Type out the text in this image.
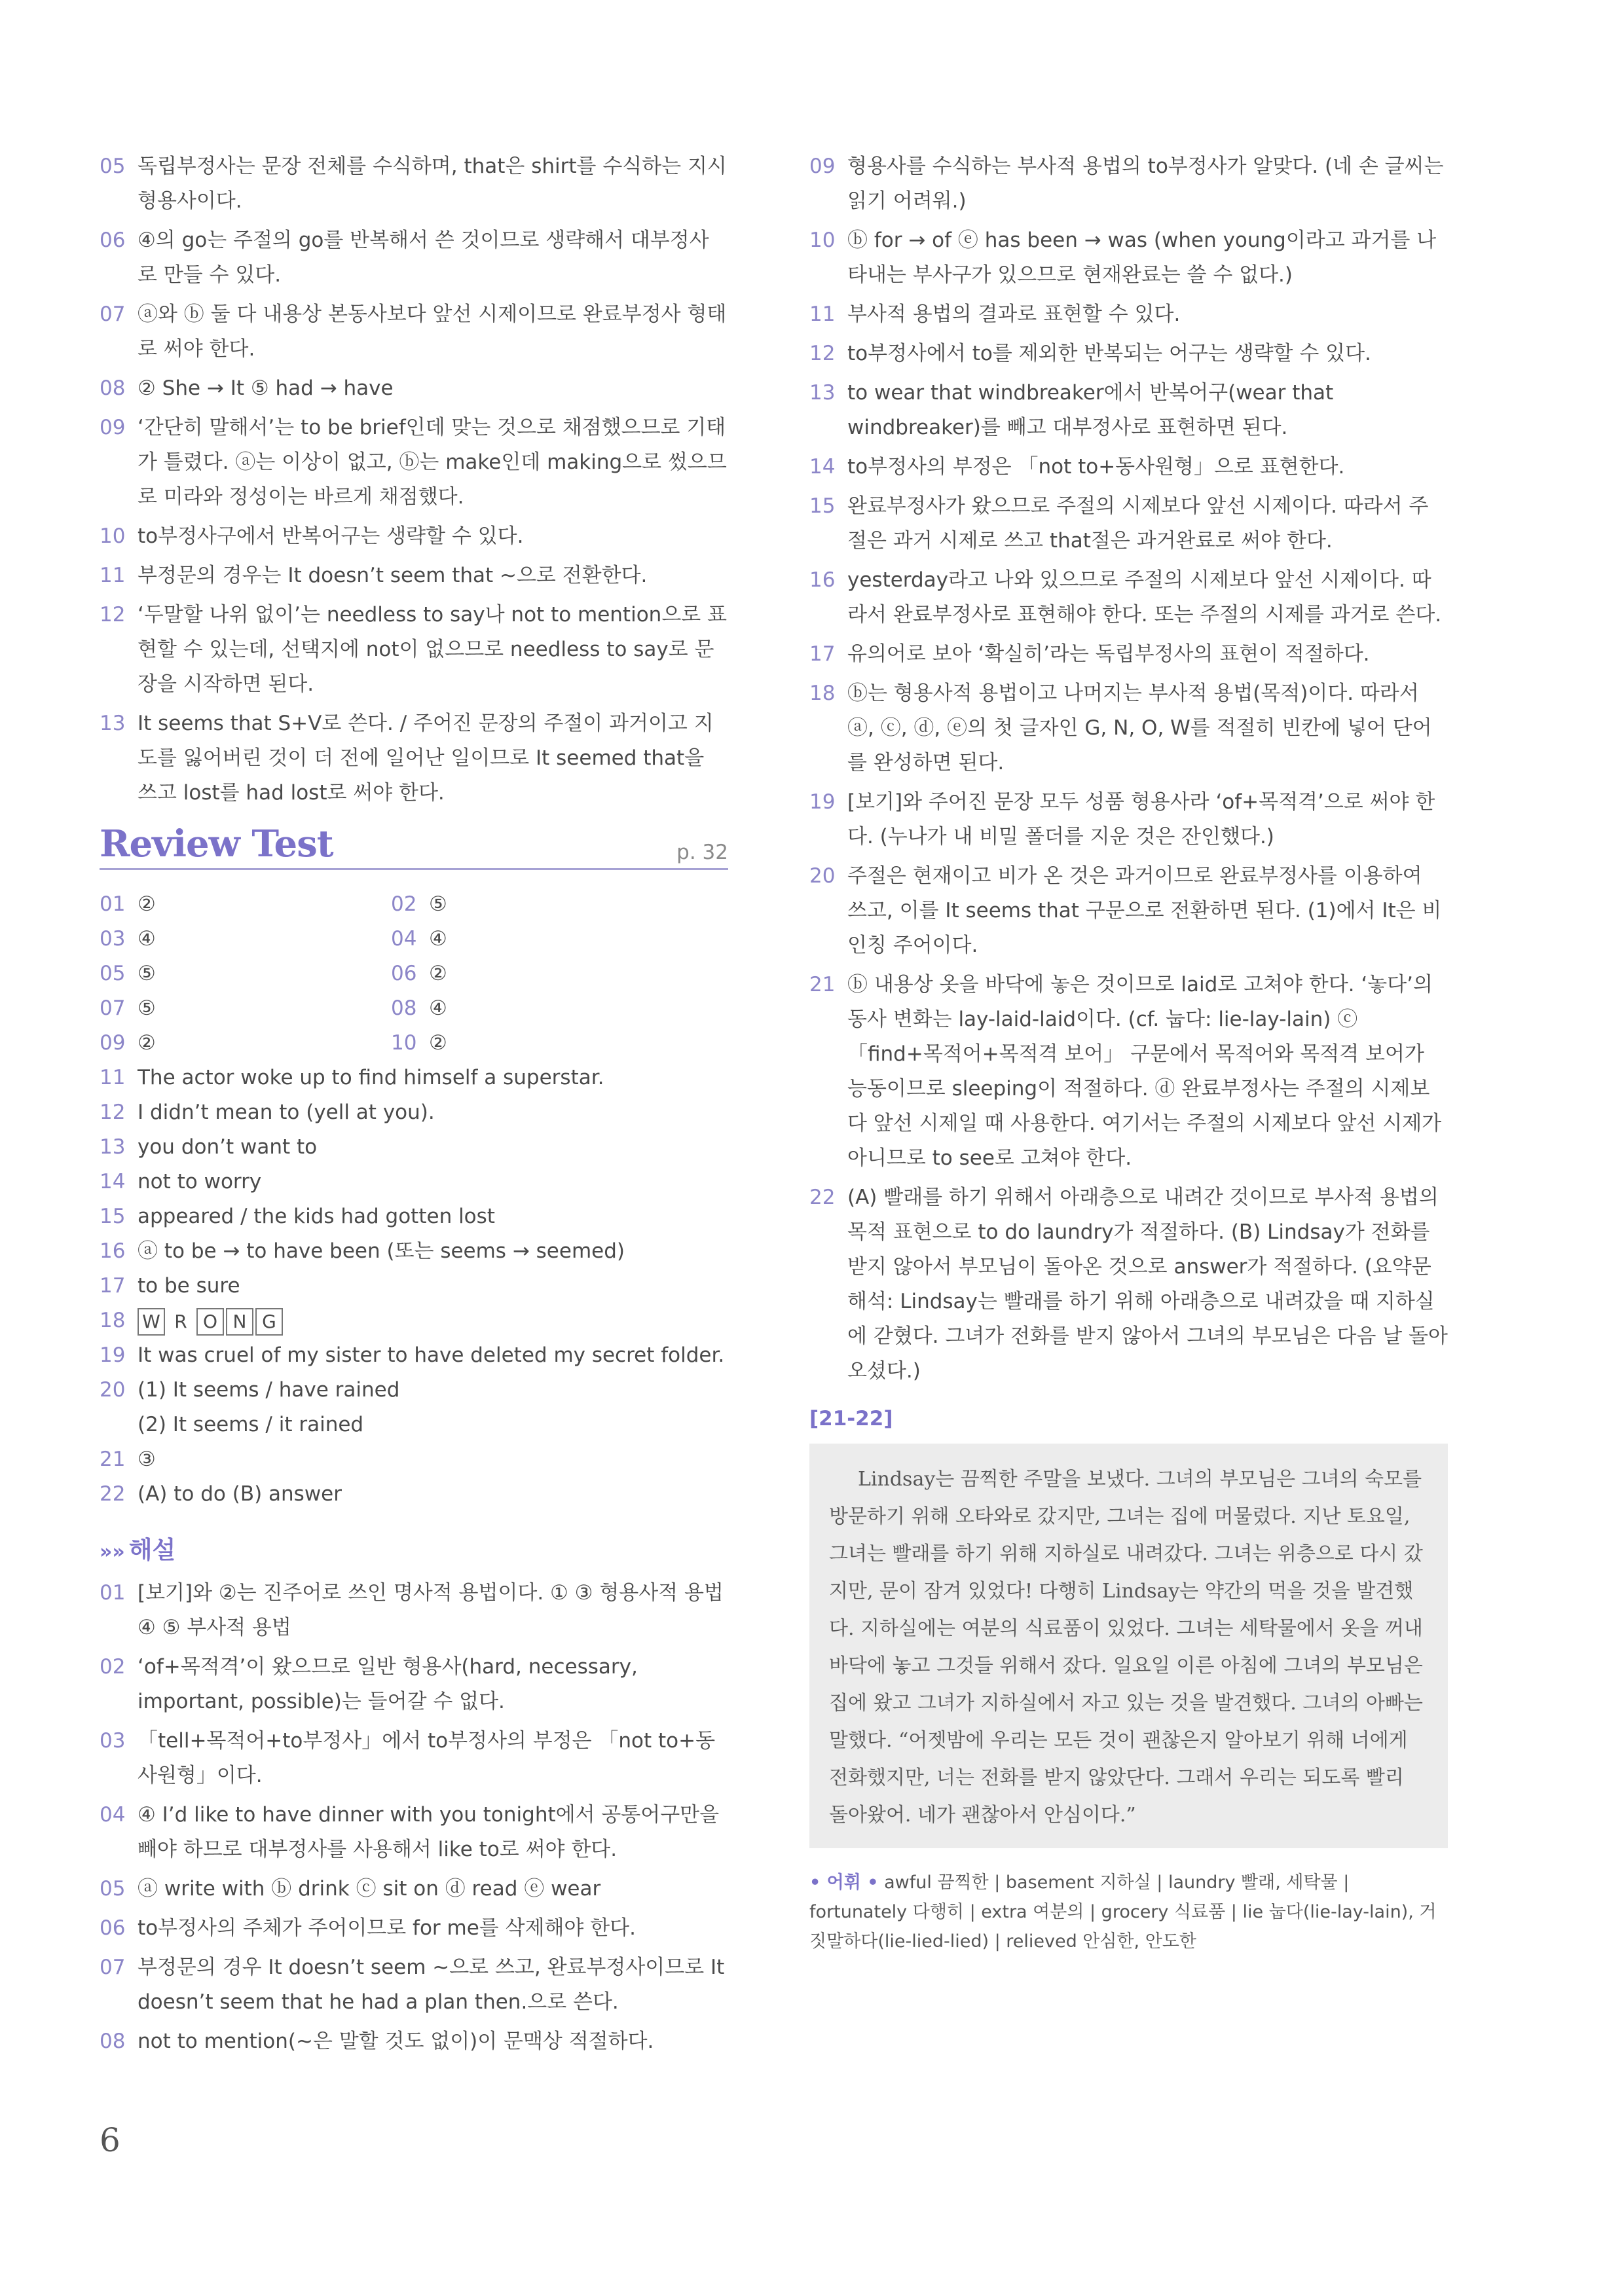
05 독립부정사는 문장 전체를 수식하며, that은 shirt를 수식하는 지시형용사이다.
06 ④의 go는 주절의 go를 반복해서 쓴 것이므로 생략해서 대부정사로 만들 수 있다.
07 ⓐ와 ⓑ 둘 다 내용상 본동사보다 앞선 시제이므로 완료부정사 형태로 써야 한다.
08 ② She → It ⑤ had → have
09 ‘간단히 말해서’는 to be brief인데 맞는 것으로 채점했으므로 기태가 틀렸다. ⓐ는 이상이 없고, ⓑ는 make인데 making으로 썼으므로 미라와 정성이는 바르게 채점했다.
10 to부정사구에서 반복어구는 생략할 수 있다.
11 부정문의 경우는 It doesn’t seem that ~으로 전환한다.
12 ‘두말할 나위 없이’는 needless to say나 not to mention으로 표현할 수 있는데, 선택지에 not이 없으므로 needless to say로 문장을 시작하면 된다.
13 It seems that S+V로 쓴다. / 주어진 문장의 주절이 과거이고 지도를 잃어버린 것이 더 전에 일어난 일이므로 It seemed that을 쓰고 lost를 had lost로 써야 한다.
Review Test	p. 32
01 ②	02 ⑤
03 ④	04 ④
05 ⑤	06 ②
07 ⑤	08 ④
09 ②	10 ②
11 The actor woke up to find himself a superstar.
12 I didn’t mean to (yell at you).
13 you don’t want to
14 not to worry
15 appeared / the kids had gotten lost
16 ⓐ to be → to have been (또는 seems → seemed)
17 to be sure
18 W R O N G
19 It was cruel of my sister to have deleted my secret folder.
20 (1) It seems / have rained
(2) It seems / it rained
21 ③
22 (A) to do (B) answer
»» 해설
01 [보기]와 ②는 진주어로 쓰인 명사적 용법이다. ① ③ 형용사적 용법 ④ ⑤ 부사적 용법
02 ‘of+목적격’이 왔으므로 일반 형용사(hard, necessary, important, possible)는 들어갈 수 없다.
03 「tell+목적어+to부정사」에서 to부정사의 부정은 「not to+동사원형」이다.
04 ④ I’d like to have dinner with you tonight에서 공통어구만을 빼야 하므로 대부정사를 사용해서 like to로 써야 한다.
05 ⓐ write with ⓑ drink ⓒ sit on ⓓ read ⓔ wear
06 to부정사의 주체가 주어이므로 for me를 삭제해야 한다.
07 부정문의 경우 It doesn’t seem ~으로 쓰고, 완료부정사이므로 It doesn’t seem that he had a plan then.으로 쓴다.
08 not to mention(~은 말할 것도 없이)이 문맥상 적절하다.
09 형용사를 수식하는 부사적 용법의 to부정사가 알맞다. (네 손 글씨는 읽기 어려워.)
10 ⓑ for → of ⓔ has been → was (when young이라고 과거를 나타내는 부사구가 있으므로 현재완료는 쓸 수 없다.)
11 부사적 용법의 결과로 표현할 수 있다.
12 to부정사에서 to를 제외한 반복되는 어구는 생략할 수 있다.
13 to wear that windbreaker에서 반복어구(wear that windbreaker)를 빼고 대부정사로 표현하면 된다.
14 to부정사의 부정은 「not to+동사원형」으로 표현한다.
15 완료부정사가 왔으므로 주절의 시제보다 앞선 시제이다. 따라서 주절은 과거 시제로 쓰고 that절은 과거완료로 써야 한다.
16 yesterday라고 나와 있으므로 주절의 시제보다 앞선 시제이다. 따라서 완료부정사로 표현해야 한다. 또는 주절의 시제를 과거로 쓴다.
17 유의어로 보아 ‘확실히’라는 독립부정사의 표현이 적절하다.
18 ⓑ는 형용사적 용법이고 나머지는 부사적 용법(목적)이다. 따라서 ⓐ, ⓒ, ⓓ, ⓔ의 첫 글자인 G, N, O, W를 적절히 빈칸에 넣어 단어를 완성하면 된다.
19 [보기]와 주어진 문장 모두 성품 형용사라 ‘of+목적격’으로 써야 한다. (누나가 내 비밀 폴더를 지운 것은 잔인했다.)
20 주절은 현재이고 비가 온 것은 과거이므로 완료부정사를 이용하여 쓰고, 이를 It seems that 구문으로 전환하면 된다. (1)에서 It은 비인칭 주어이다.
21 ⓑ 내용상 옷을 바닥에 놓은 것이므로 laid로 고쳐야 한다. ‘놓다’의 동사 변화는 lay-laid-laid이다. (cf. 눕다: lie-lay-lain) ⓒ 「find+목적어+목적격 보어」 구문에서 목적어와 목적격 보어가 능동이므로 sleeping이 적절하다. ⓓ 완료부정사는 주절의 시제보다 앞선 시제일 때 사용한다. 여기서는 주절의 시제보다 앞선 시제가 아니므로 to see로 고쳐야 한다.
22 (A) 빨래를 하기 위해서 아래층으로 내려간 것이므로 부사적 용법의 목적 표현으로 to do laundry가 적절하다. (B) Lindsay가 전화를 받지 않아서 부모님이 돌아온 것으로 answer가 적절하다. (요약문 해석: Lindsay는 빨래를 하기 위해 아래층으로 내려갔을 때 지하실에 갇혔다. 그녀가 전화를 받지 않아서 그녀의 부모님은 다음 날 돌아오셨다.)
[21-22]
Lindsay는 끔찍한 주말을 보냈다. 그녀의 부모님은 그녀의 숙모를 방문하기 위해 오타와로 갔지만, 그녀는 집에 머물렀다. 지난 토요일, 그녀는 빨래를 하기 위해 지하실로 내려갔다. 그녀는 위층으로 다시 갔지만, 문이 잠겨 있었다! 다행히 Lindsay는 약간의 먹을 것을 발견했다. 지하실에는 여분의 식료품이 있었다. 그녀는 세탁물에서 옷을 꺼내 바닥에 놓고 그것들 위해서 잤다. 일요일 이른 아침에 그녀의 부모님은 집에 왔고 그녀가 지하실에서 자고 있는 것을 발견했다. 그녀의 아빠는 말했다. “어젯밤에 우리는 모든 것이 괜찮은지 알아보기 위해 너에게 전화했지만, 너는 전화를 받지 않았단다. 그래서 우리는 되도록 빨리 돌아왔어. 네가 괜찮아서 안심이다.”
• 어휘 • awful 끔찍한 | basement 지하실 | laundry 빨래, 세탁물 | fortunately 다행히 | extra 여분의 | grocery 식료품 | lie 눕다(lie-lay-lain), 거짓말하다(lie-lied-lied) | relieved 안심한, 안도한
6
